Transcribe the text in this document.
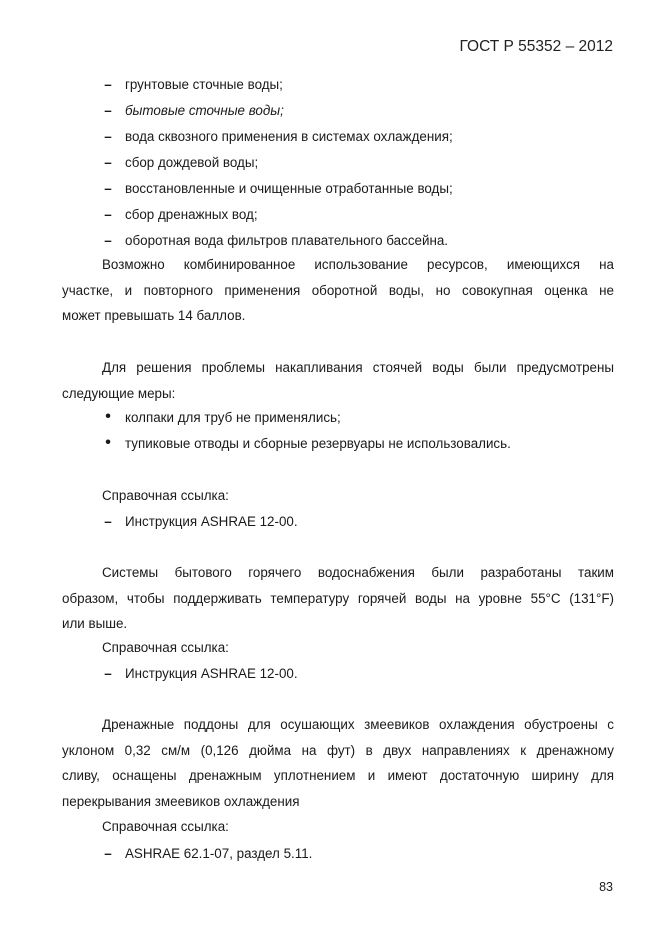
ГОСТ Р 55352 – 2012
– грунтовые сточные воды;
– бытовые сточные воды;
– вода сквозного применения в системах охлаждения;
– сбор дождевой воды;
– восстановленные и очищенные отработанные воды;
– сбор дренажных вод;
– оборотная вода фильтров плавательного бассейна.
Возможно комбинированное использование ресурсов, имеющихся на
участке, и повторного применения оборотной воды, но совокупная оценка не
может превышать 14 баллов.
Для решения проблемы накапливания стоячей воды были предусмотрены
следующие меры:
• колпаки для труб не применялись;
• тупиковые отводы и сборные резервуары не использовались.
Справочная ссылка:
– Инструкция ASHRAE 12-00.
Системы бытового горячего водоснабжения были разработаны таким
образом, чтобы поддерживать температуру горячей воды на уровне 55°C (131°F)
или выше.
Справочная ссылка:
– Инструкция ASHRAE 12-00.
Дренажные поддоны для осушающих змеевиков охлаждения обустроены с
уклоном 0,32 см/м (0,126 дюйма на фут) в двух направлениях к дренажному
сливу, оснащены дренажным уплотнением и имеют достаточную ширину для
перекрывания змеевиков охлаждения
Справочная ссылка:
– ASHRAE 62.1-07, раздел 5.11.
83
